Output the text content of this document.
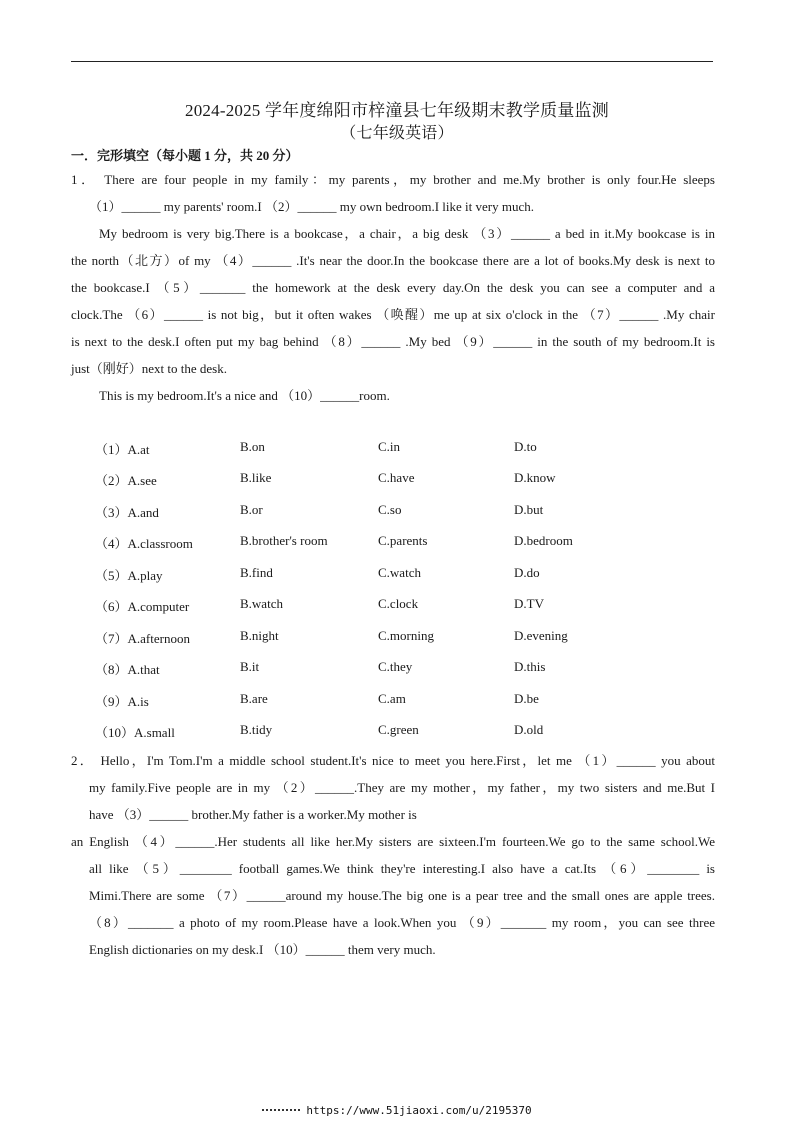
2024-2025 学年度绵阳市梓潼县七年级期末教学质量监测
（七年级英语）
一．完形填空（每小题 1 分，共 20 分）
1． There are four people in my family：my parents，my brother and me.My brother is only four.He sleeps
（1）______ my parents' room.I （2）______ my own bedroom.I like it very much.
My bedroom is very big.There is a bookcase，a chair，a big desk （3）______ a bed in it.My bookcase is in
the north（北方）of my （4）______ .It's near the door.In the bookcase there are a lot of books.My desk is next to
the bookcase.I （5）_______ the homework at the desk every day.On the desk you can see a computer and a
clock.The （6）______ is not big，but it often wakes （唤醒）me up at six o'clock in the （7）______ .My chair
is next to the desk.I often put my bag behind （8）______ .My bed （9）______ in the south of my bedroom.It is
just（刚好）next to the desk.
This is my bedroom.It's a nice and （10）______room.
（1）A.at	B.on	C.in	D.to
（2）A.see	B.like	C.have	D.know
（3）A.and	B.or	C.so	D.but
（4）A.classroom	B.brother's room	C.parents	D.bedroom
（5）A.play	B.find	C.watch	D.do
（6）A.computer	B.watch	C.clock	D.TV
（7）A.afternoon	B.night	C.morning	D.evening
（8）A.that	B.it	C.they	D.this
（9）A.is	B.are	C.am	D.be
（10）A.small	B.tidy	C.green	D.old
2． Hello，I'm Tom.I'm a middle school student.It's nice to meet you here.First，let me （1）______ you about
my family.Five people are in my （2）______.They are my mother，my father，my two sisters and me.But I
have （3）______ brother.My father is a worker.My mother is
an English （4）______.Her students all like her.My sisters are sixteen.I'm fourteen.We go to the same school.We
all like （5）________ football games.We think they're interesting.I also have a cat.Its （6）________ is
Mimi.There are some （7）______around my house.The big one is a pear tree and the small ones are apple trees.
（8）_______ a photo of my room.Please have a look.When you （9）_______ my room，you can see three
English dictionaries on my desk.I （10）______ them very much.
https://www.51jiaoxi.com/u/2195370
